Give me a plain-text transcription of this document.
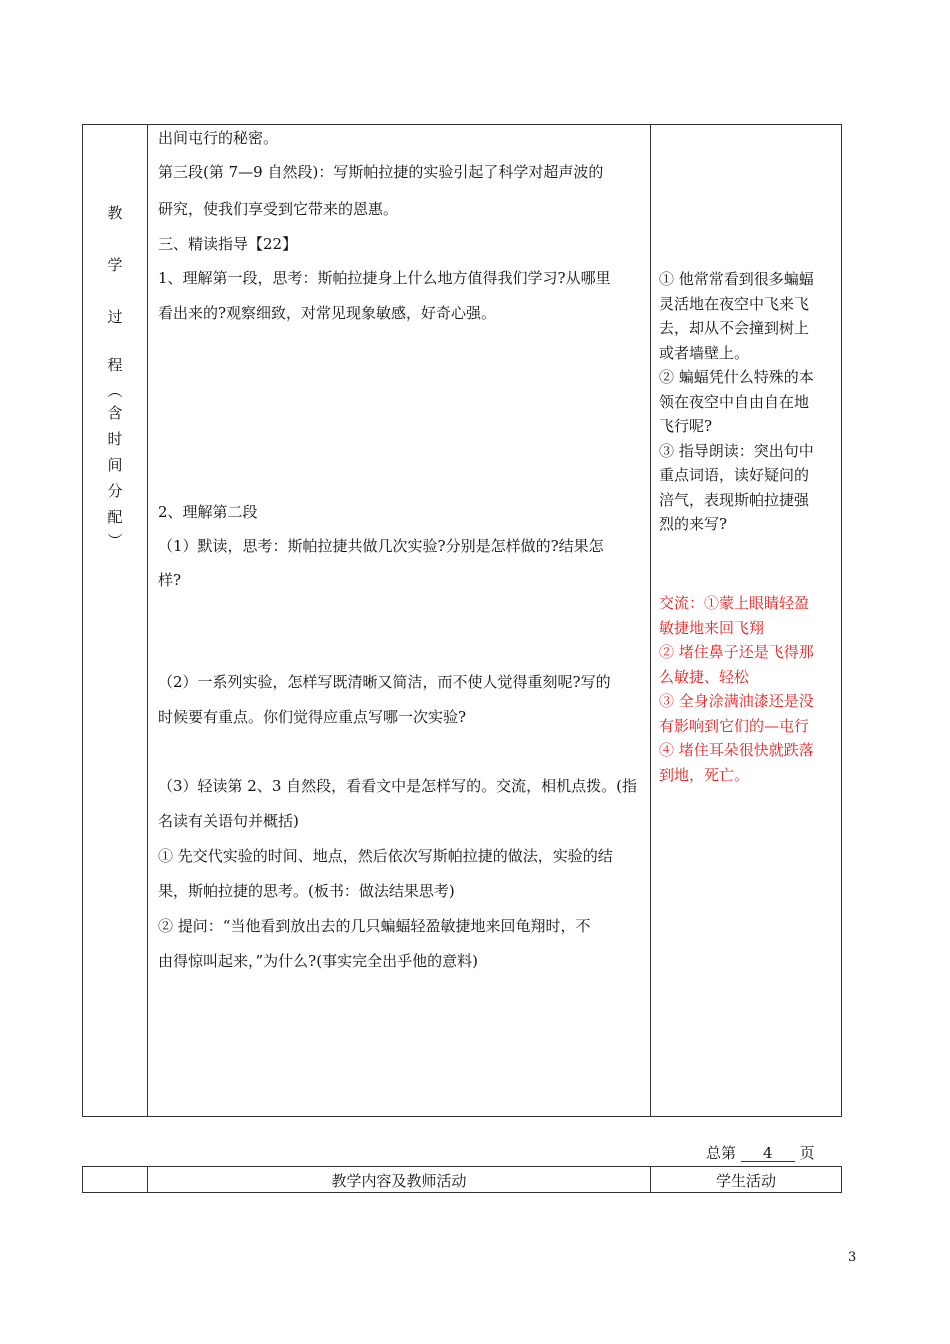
教
学
过
程
︵
含
时
间
分
配
︶

出间屯行的秘密。

第三段(第 7—9 自然段)：写斯帕拉捷的实验引起了科学对超声波的

研究，使我们享受到它带来的恩惠。

三、精读指导【22】

1、理解第一段，思考：斯帕拉捷身上什么地方值得我们学习?从哪里

看出来的?观察细致，对常见现象敏感，好奇心强。

2、理解第二段

（1）默读，思考：斯帕拉捷共做几次实验?分别是怎样做的?结果怎

样?

（2）一系列实验，怎样写既清晰又简洁，而不使人觉得重刻呢?写的

时候要有重点。你们觉得应重点写哪一次实验?

（3）轻读第 2、3 自然段，看看文中是怎样写的。交流，相机点拨。(指

名读有关语句并概括)

① 先交代实验的时间、地点，然后依次写斯帕拉捷的做法，实验的结

果，斯帕拉捷的思考。(板书：做法结果思考)

② 提问：“当他看到放出去的几只蝙蝠轻盈敏捷地来回龟翔时，不

由得惊叫起来，”为什么?(事实完全出乎他的意料)

① 他常常看到很多蝙蝠

灵活地在夜空中飞来飞

去，却从不会撞到树上

或者墙壁上。

② 蝙蝠凭什么特殊的本

领在夜空中自由自在地

飞行呢?

③ 指导朗读：突出句中

重点词语，读好疑问的

涪气，表现斯帕拉捷强

烈的来写?

交流：①蒙上眼睛轻盈

敏捷地来回飞翔

② 堵住鼻子还是飞得那

么敏捷、轻松

③ 全身涂满油漆还是没

有影响到它们的—屯行

④ 堵住耳朵很快就跌落

到地，死亡。

总第 4 页
教学内容及教师活动	学生活动
3
